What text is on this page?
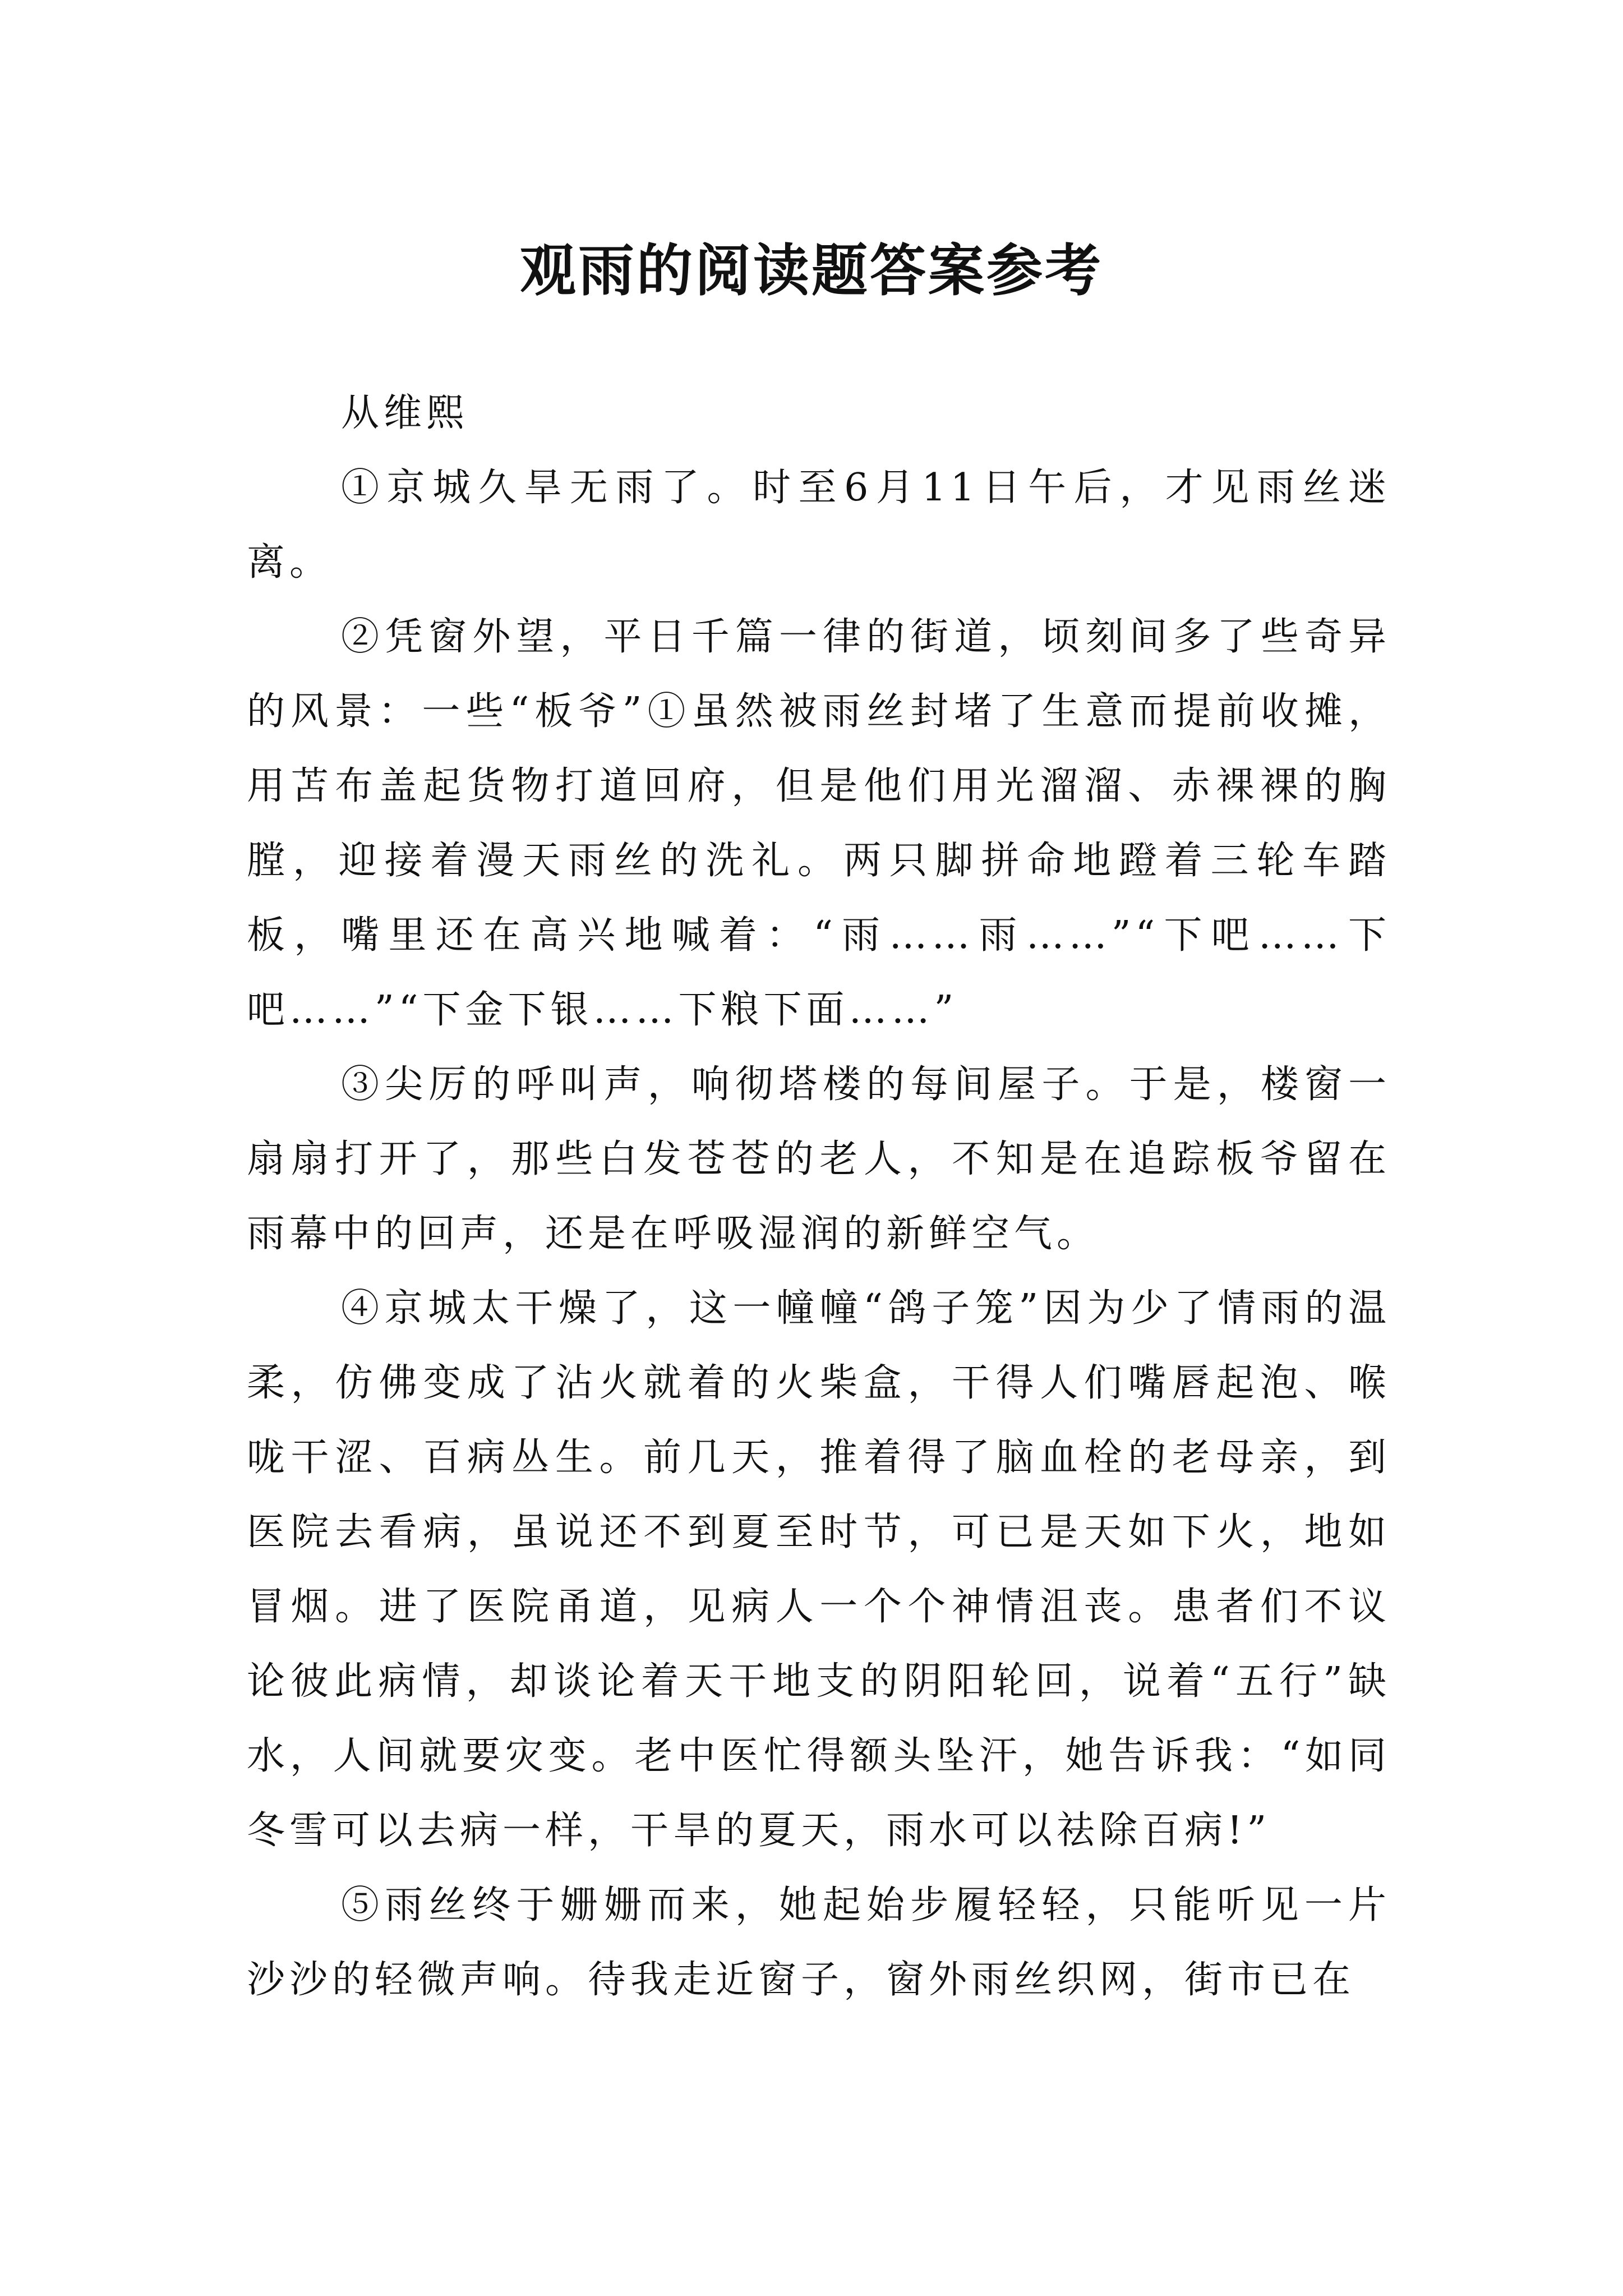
观雨的阅读题答案参考

从维熙

①京城久旱无雨了。时至6月11日午后，才见雨丝迷离。

②凭窗外望，平日千篇一律的街道，顷刻间多了些奇异的风景：一些“板爷”①虽然被雨丝封堵了生意而提前收摊，用苫布盖起货物打道回府，但是他们用光溜溜、赤裸裸的胸膛，迎接着漫天雨丝的洗礼。两只脚拼命地蹬着三轮车踏板，嘴里还在高兴地喊着：“雨……雨……”“下吧……下吧……”“下金下银……下粮下面……”

③尖厉的呼叫声，响彻塔楼的每间屋子。于是，楼窗一扇扇打开了，那些白发苍苍的老人，不知是在追踪板爷留在雨幕中的回声，还是在呼吸湿润的新鲜空气。

④京城太干燥了，这一幢幢“鸽子笼”因为少了情雨的温柔，仿佛变成了沾火就着的火柴盒，干得人们嘴唇起泡、喉咙干涩、百病丛生。前几天，推着得了脑血栓的老母亲，到医院去看病，虽说还不到夏至时节，可已是天如下火，地如冒烟。进了医院甬道，见病人一个个神情沮丧。患者们不议论彼此病情，却谈论着天干地支的阴阳轮回，说着“五行”缺水，人间就要灾变。老中医忙得额头坠汗，她告诉我：“如同冬雪可以去病一样，干旱的夏天，雨水可以祛除百病!”

⑤雨丝终于姗姗而来，她起始步履轻轻，只能听见一片沙沙的轻微声响。待我走近窗子，窗外雨丝织网，街市已在
